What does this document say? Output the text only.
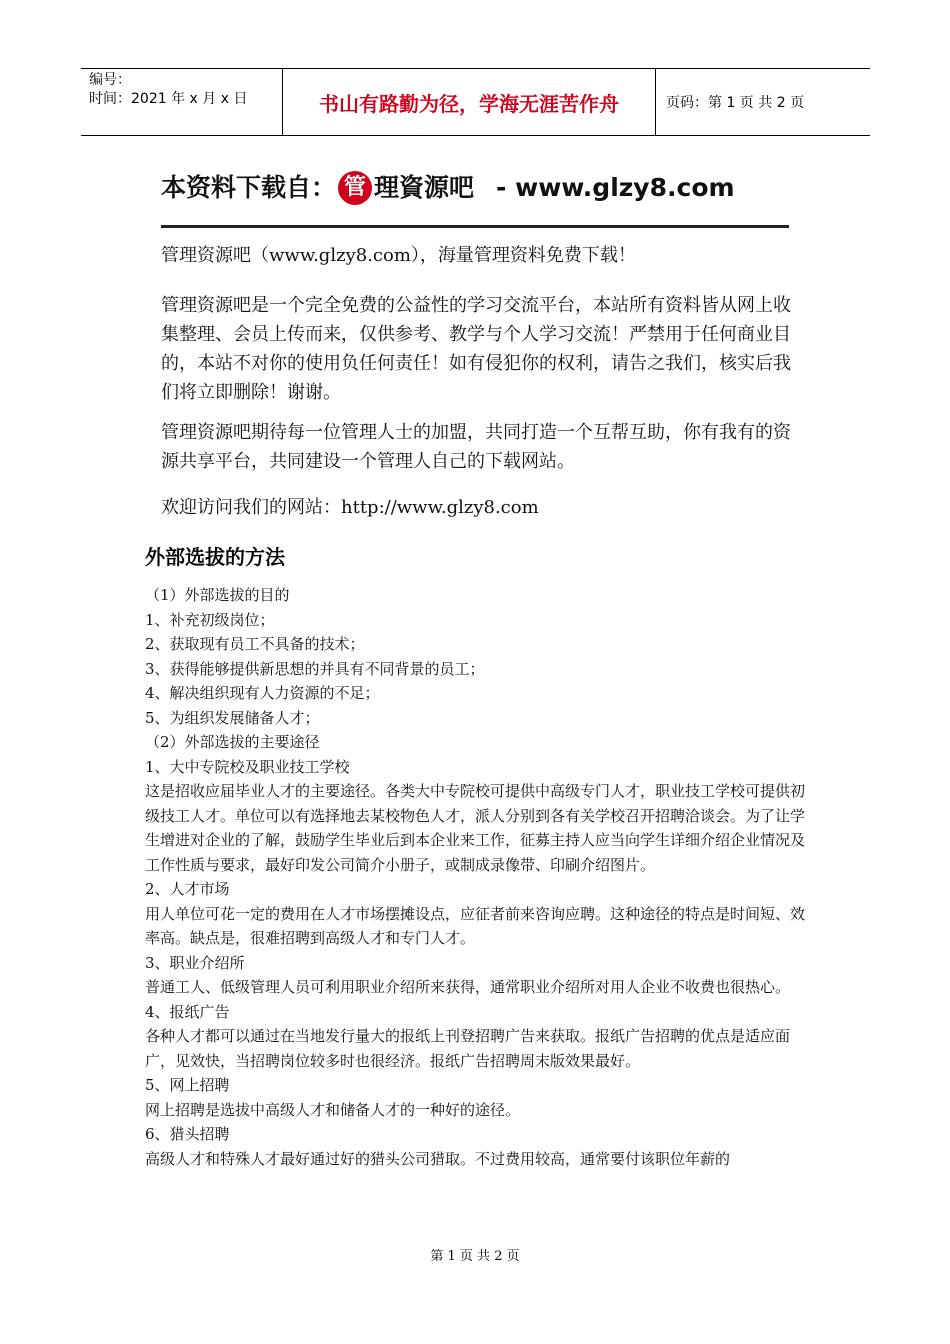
编号：
时间：2021 年 x 月 x 日	书山有路勤为径，学海无涯苦作舟	页码：第 1 页 共 2 页
本资料下载自： 管 理資源吧 - www.glzy8.com

管理资源吧（www.glzy8.com），海量管理资料免费下载！

管理资源吧是一个完全免费的公益性的学习交流平台，本站所有资料皆从网上收集整理、会员上传而来，仅供参考、教学与个人学习交流！严禁用于任何商业目的，本站不对你的使用负任何责任！如有侵犯你的权利，请告之我们，核实后我们将立即删除！谢谢。

管理资源吧期待每一位管理人士的加盟，共同打造一个互帮互助，你有我有的资源共享平台，共同建设一个管理人自己的下载网站。

欢迎访问我们的网站：http://www.glzy8.com

外部选拔的方法

（1）外部选拔的目的

1、补充初级岗位；

2、获取现有员工不具备的技术；

3、获得能够提供新思想的并具有不同背景的员工；

4、解决组织现有人力资源的不足；

5、为组织发展储备人才；

（2）外部选拔的主要途径

1、大中专院校及职业技工学校

这是招收应届毕业人才的主要途径。各类大中专院校可提供中高级专门人才，职业技工学校可提供初级技工人才。单位可以有选择地去某校物色人才，派人分别到各有关学校召开招聘洽谈会。为了让学生增进对企业的了解，鼓励学生毕业后到本企业来工作，征募主持人应当向学生详细介绍企业情况及工作性质与要求，最好印发公司简介小册子，或制成录像带、印刷介绍图片。

2、人才市场

用人单位可花一定的费用在人才市场摆摊设点，应征者前来咨询应聘。这种途径的特点是时间短、效率高。缺点是，很难招聘到高级人才和专门人才。

3、职业介绍所

普通工人、低级管理人员可利用职业介绍所来获得，通常职业介绍所对用人企业不收费也很热心。

4、报纸广告

各种人才都可以通过在当地发行量大的报纸上刊登招聘广告来获取。报纸广告招聘的优点是适应面广，见效快，当招聘岗位较多时也很经济。报纸广告招聘周末版效果最好。

5、网上招聘

网上招聘是选拔中高级人才和储备人才的一种好的途径。

6、猎头招聘

高级人才和特殊人才最好通过好的猎头公司猎取。不过费用较高，通常要付该职位年薪的

第 1 页 共 2 页
